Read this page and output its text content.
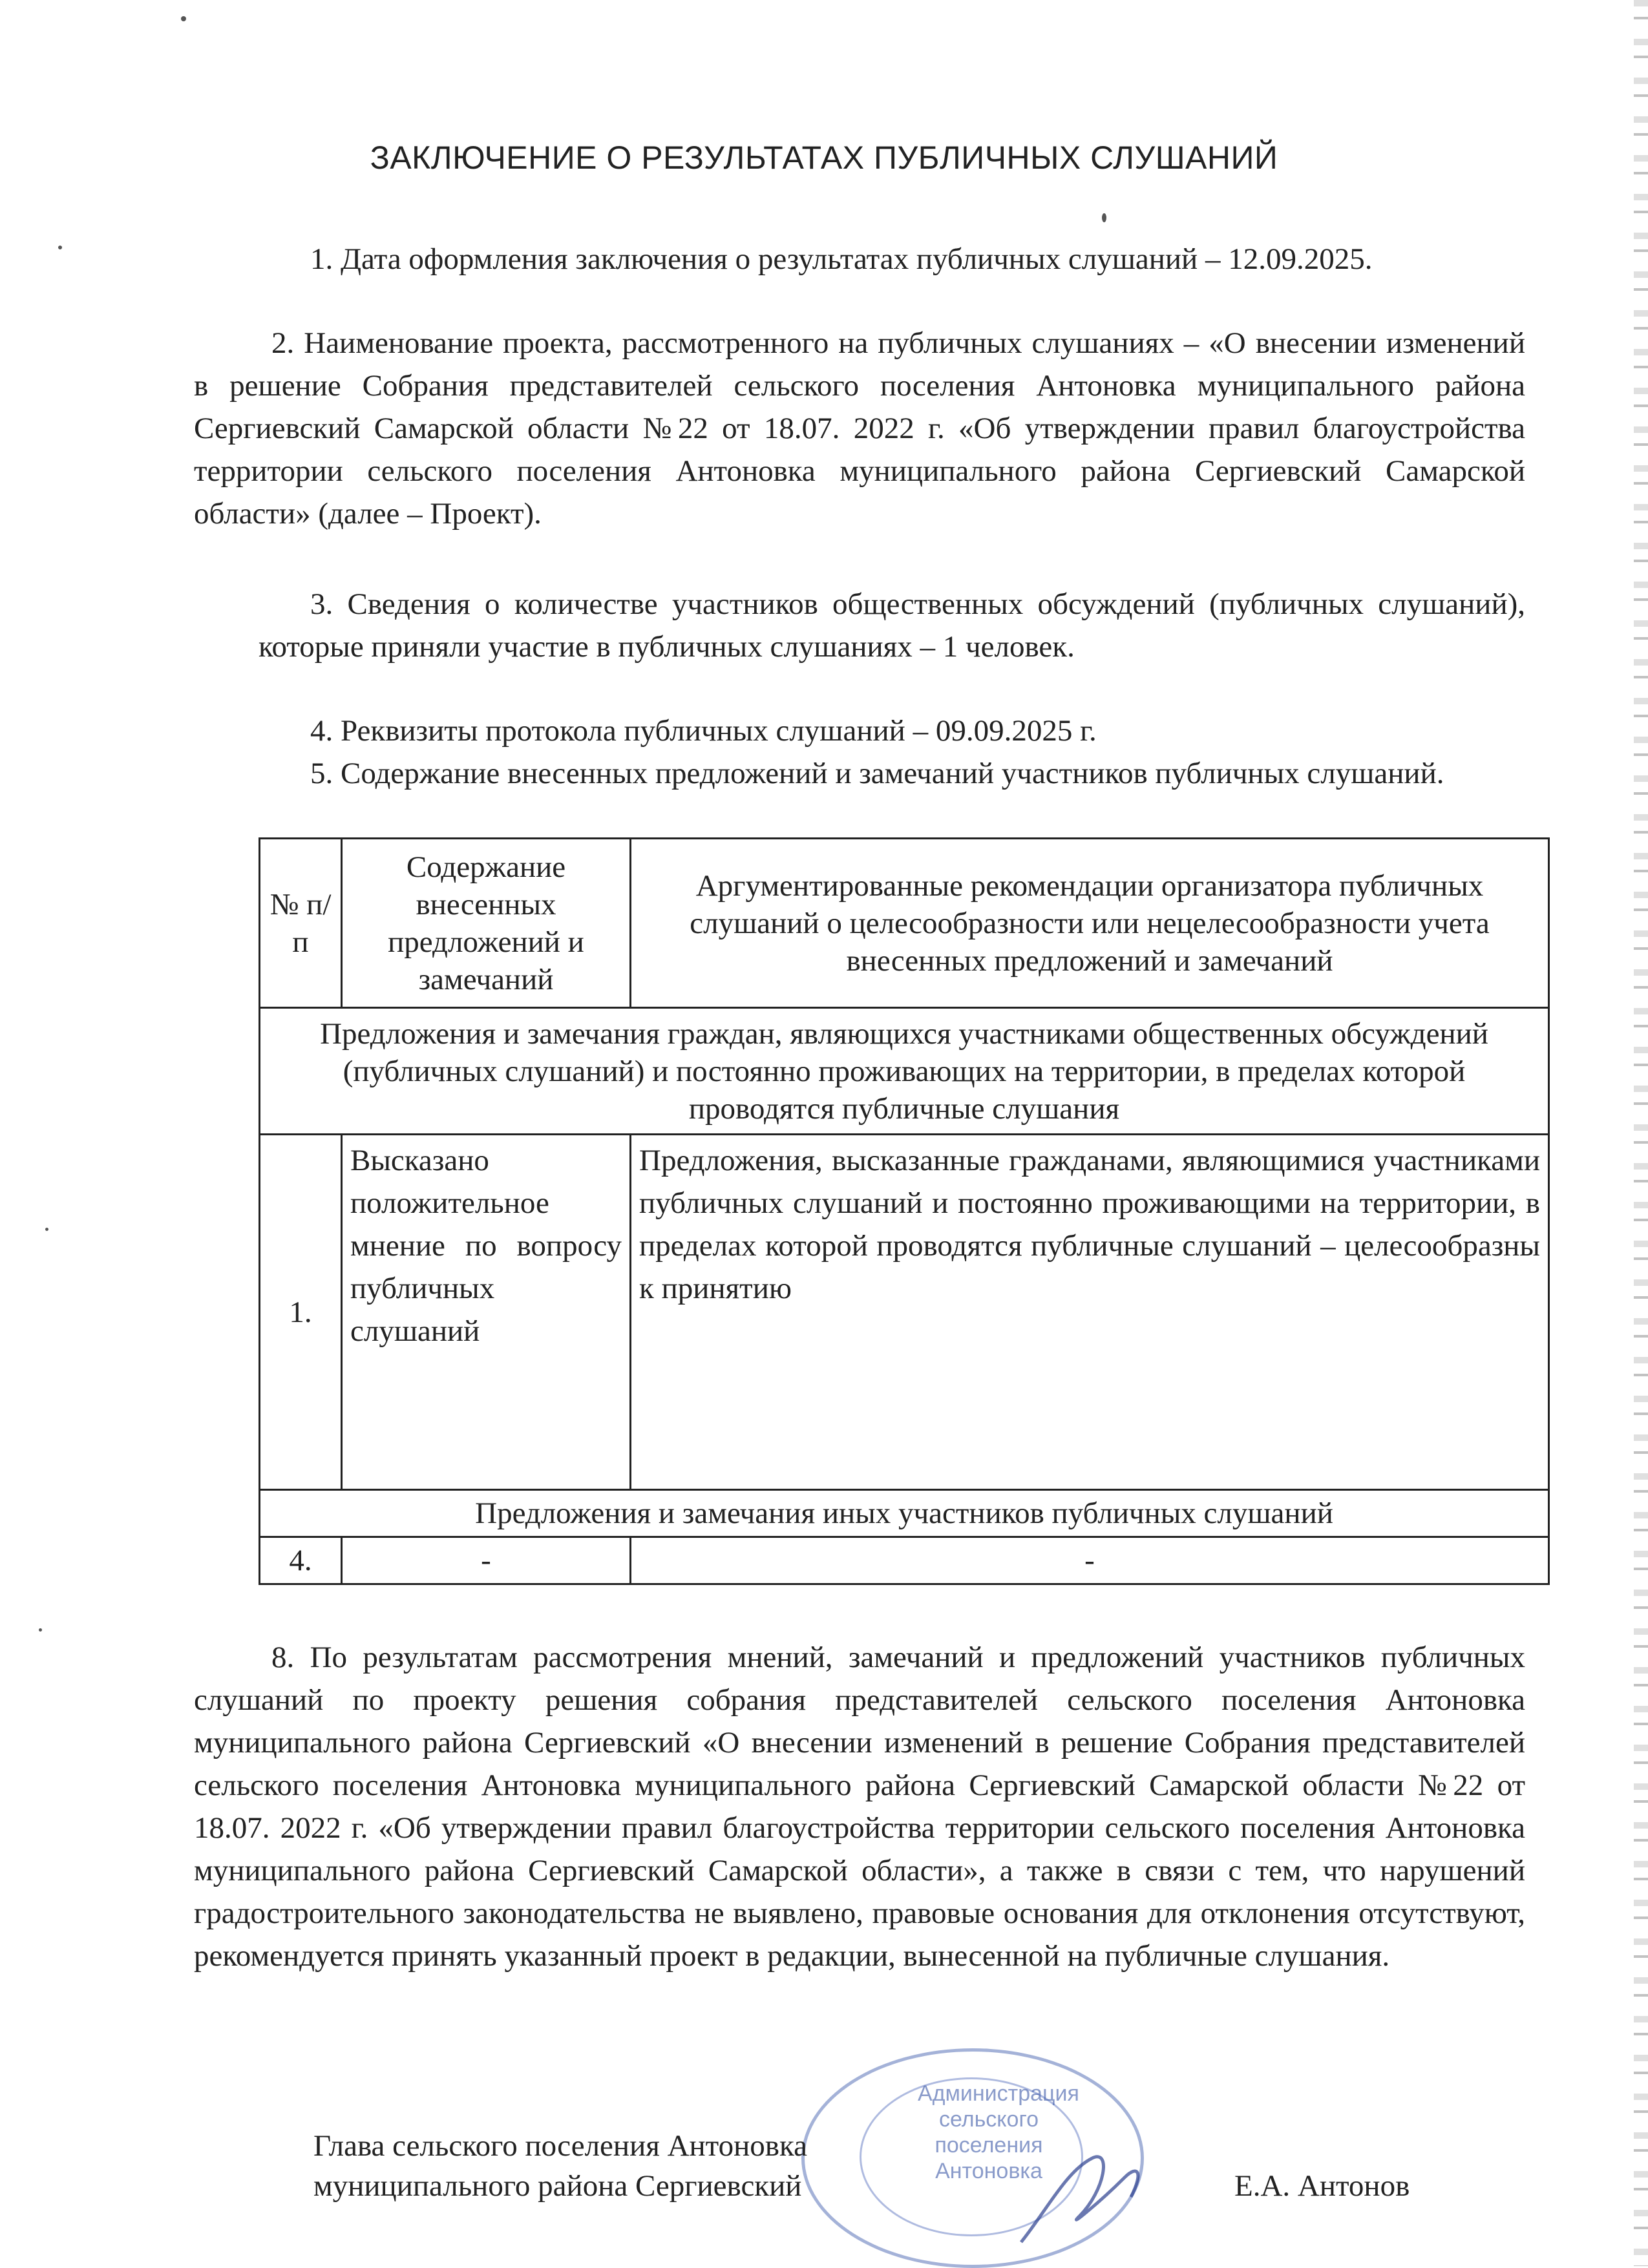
ЗАКЛЮЧЕНИЕ О РЕЗУЛЬТАТАХ ПУБЛИЧНЫХ СЛУШАНИЙ
1. Дата оформления заключения о результатах публичных слушаний – 12.09.2025.
2. Наименование проекта, рассмотренного на публичных слушаниях – «О внесении изменений в решение Собрания представителей сельского поселения Антоновка муниципального района Сергиевский Самарской области №22 от 18.07. 2022 г. «Об утверждении правил благоустройства территории сельского поселения Антоновка муниципального района Сергиевский Самарской области» (далее – Проект).
3. Сведения о количестве участников общественных обсуждений (публичных слушаний), которые приняли участие в публичных слушаниях – 1 человек.
4. Реквизиты протокола публичных слушаний – 09.09.2025 г.
5. Содержание внесенных предложений и замечаний участников публичных слушаний.
№ п/п	Содержание внесенных предложений и замечаний	Аргументированные рекомендации организатора публичных слушаний о целесообразности или нецелесообразности учета внесенных предложений и замечаний
Предложения и замечания граждан, являющихся участниками общественных обсуждений (публичных слушаний) и постоянно проживающих на территории, в пределах которой проводятся публичные слушания		
1.	Высказано положительное мнение по вопросу публичных слушаний	Предложения, высказанные гражданами, являющимися участниками публичных слушаний и постоянно проживающими на территории, в пределах которой проводятся публичные слушаний – целесообразны к принятию
Предложения и замечания иных участников публичных слушаний		
4.	-	-
8. По результатам рассмотрения мнений, замечаний и предложений участников публичных слушаний по проекту решения собрания представителей сельского поселения Антоновка муниципального района Сергиевский «О внесении изменений в решение Собрания представителей сельского поселения Антоновка муниципального района Сергиевский Самарской области №22 от 18.07. 2022 г. «Об утверждении правил благоустройства территории сельского поселения Антоновка муниципального района Сергиевский Самарской области», а также в связи с тем, что нарушений градостроительного законодательства не выявлено, правовые основания для отклонения отсутствуют, рекомендуется принять указанный проект в редакции, вынесенной на публичные слушания.
Администрация сельского поселения Антоновка
Глава сельского поселения Антоновка
муниципального района Сергиевский	Е.А. Антонов
